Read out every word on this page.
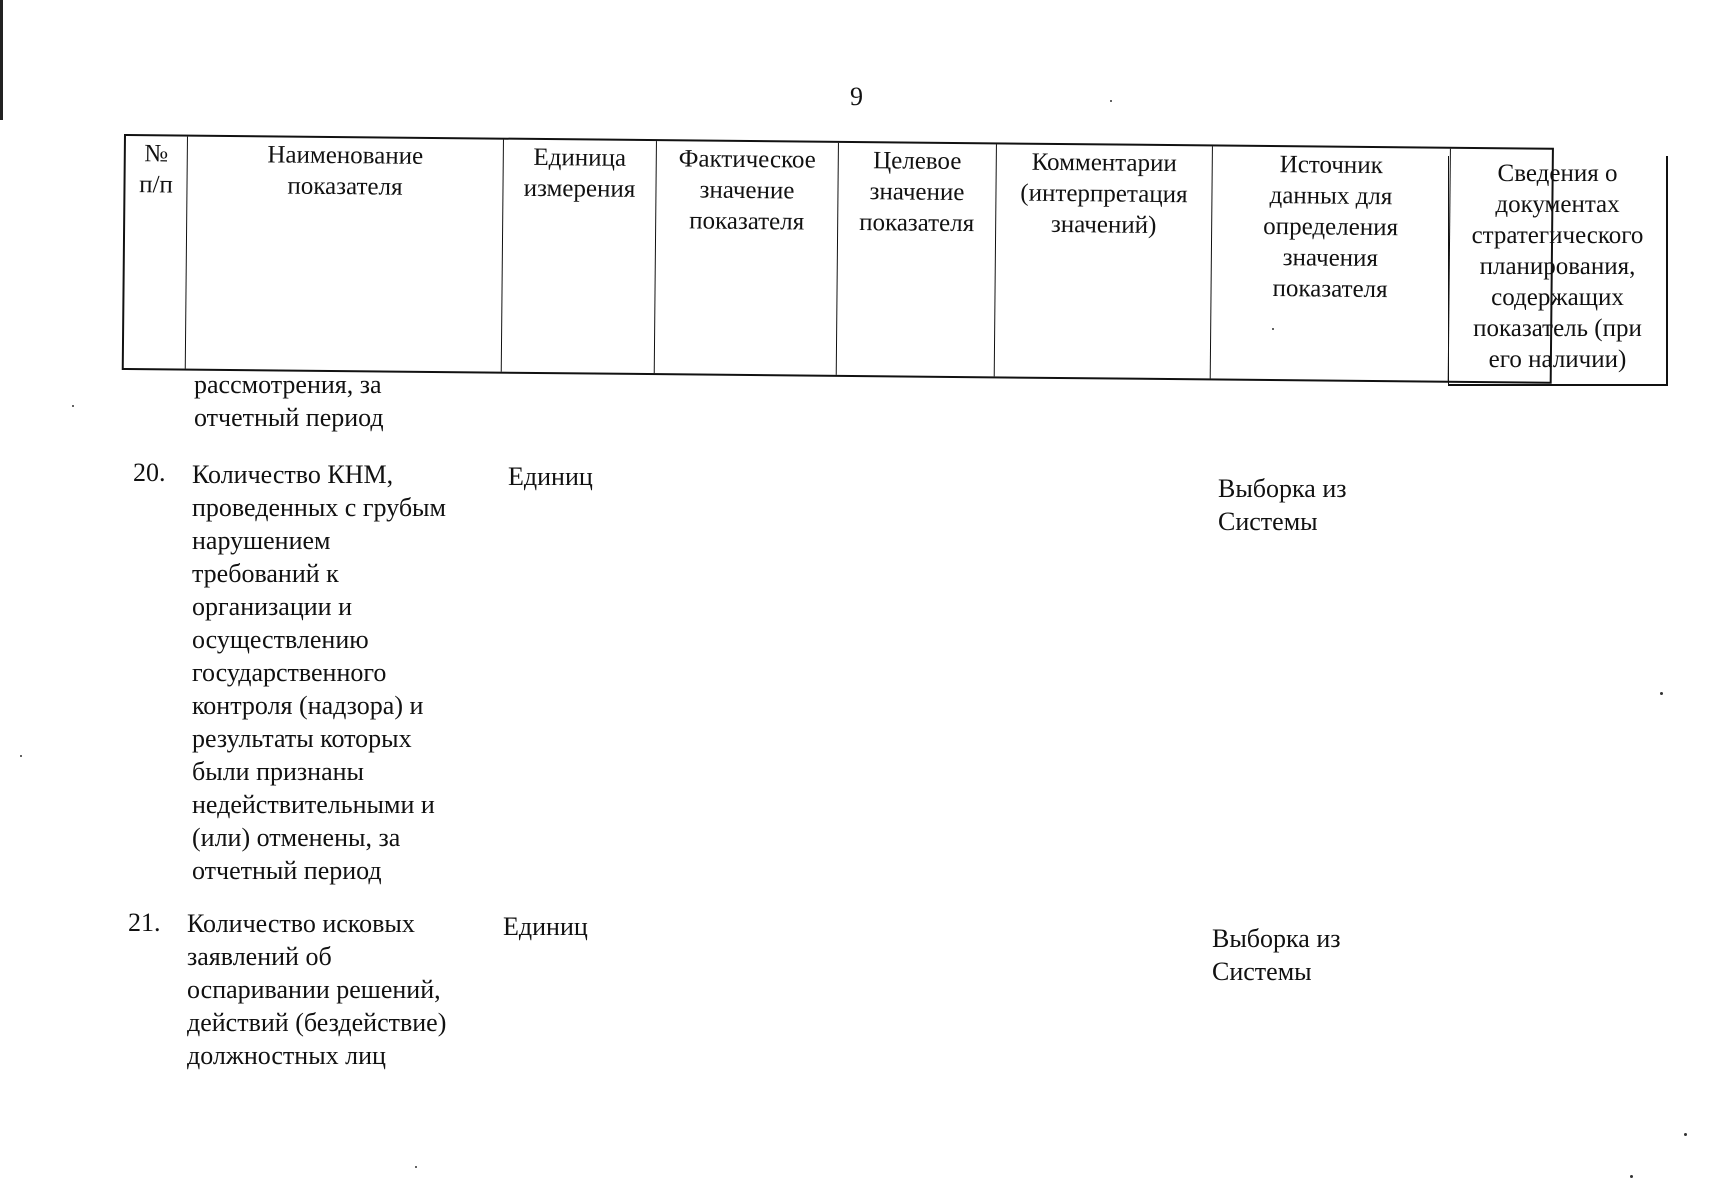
9
№
п/п
Наименование
показателя
Единица
измерения
Фактическое
значение
показателя
Целевое
значение
показателя
Комментарии
(интерпретация
значений)
Источник
данных для
определения
значения
показателя
Сведения о
документах
стратегического
планирования,
содержащих
показатель (при
его наличии)
рассмотрения, за
отчетный период
20. Количество КНМ,
проведенных с грубым
нарушением
требований к
организации и
осуществлению
государственного
контроля (надзора) и
результаты которых
были признаны
недействительными и
(или) отменены, за
отчетный период
Единиц	Выборка из
Системы
21. Количество исковых
заявлений об
оспаривании решений,
действий (бездействие)
должностных лиц
Единиц	Выборка из
Системы
